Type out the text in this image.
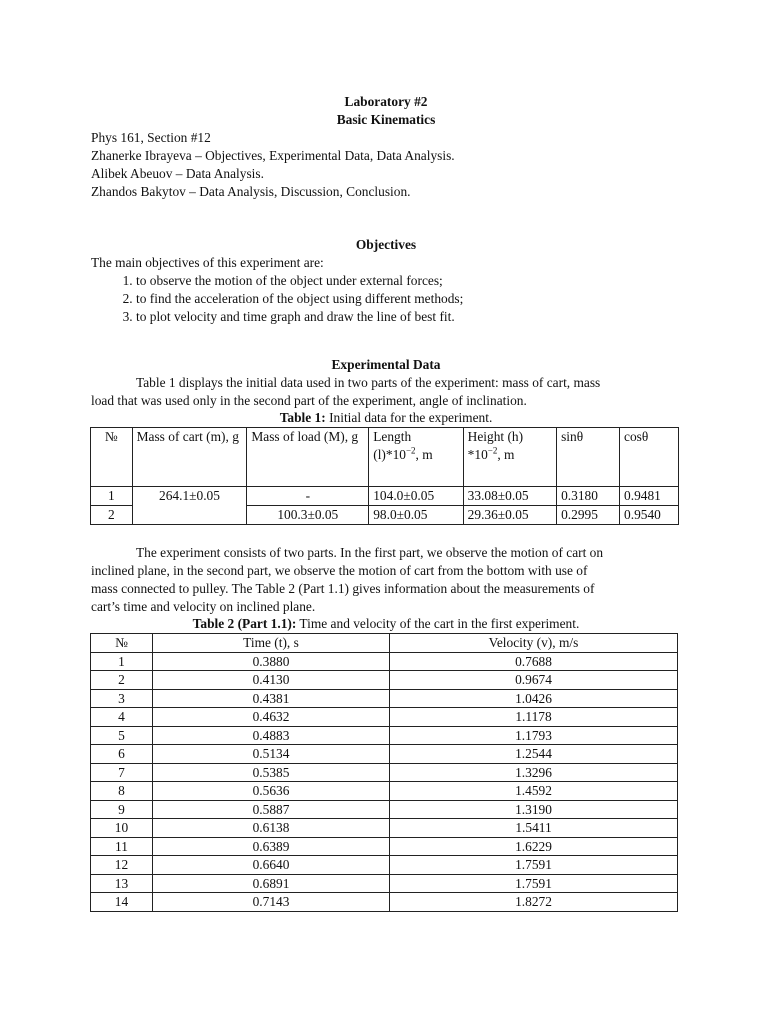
Laboratory #2
Basic Kinematics
Phys 161, Section #12
Zhanerke Ibrayeva – Objectives, Experimental Data, Data Analysis.
Alibek Abeuov – Data Analysis.
Zhandos Bakytov – Data Analysis, Discussion, Conclusion.
Objectives
The main objectives of this experiment are:
1. to observe the motion of the object under external forces;
2. to find the acceleration of the object using different methods;
3. to plot velocity and time graph and draw the line of best fit.
Experimental Data
Table 1 displays the initial data used in two parts of the experiment: mass of cart, mass
load that was used only in the second part of the experiment, angle of inclination.
Table 1: Initial data for the experiment.
№	Mass of cart (m), g	Mass of load (M), g	Length $(l)*10^{-2}$, m	Height (h) $*10^{-2}$, m	sinθ	cosθ
1	264.1±0.05	-	104.0±0.05	33.08±0.05	0.3180	0.9481
2		100.3±0.05	98.0±0.05	29.36±0.05	0.2995	0.9540
The experiment consists of two parts. In the first part, we observe the motion of cart on
inclined plane, in the second part, we observe the motion of cart from the bottom with use of
mass connected to pulley. The Table 2 (Part 1.1) gives information about the measurements of
cart’s time and velocity on inclined plane.
Table 2 (Part 1.1): Time and velocity of the cart in the first experiment.
№	Time (t), s	Velocity (v), m/s
1	0.3880	0.7688
2	0.4130	0.9674
3	0.4381	1.0426
4	0.4632	1.1178
5	0.4883	1.1793
6	0.5134	1.2544
7	0.5385	1.3296
8	0.5636	1.4592
9	0.5887	1.3190
10	0.6138	1.5411
11	0.6389	1.6229
12	0.6640	1.7591
13	0.6891	1.7591
14	0.7143	1.8272
